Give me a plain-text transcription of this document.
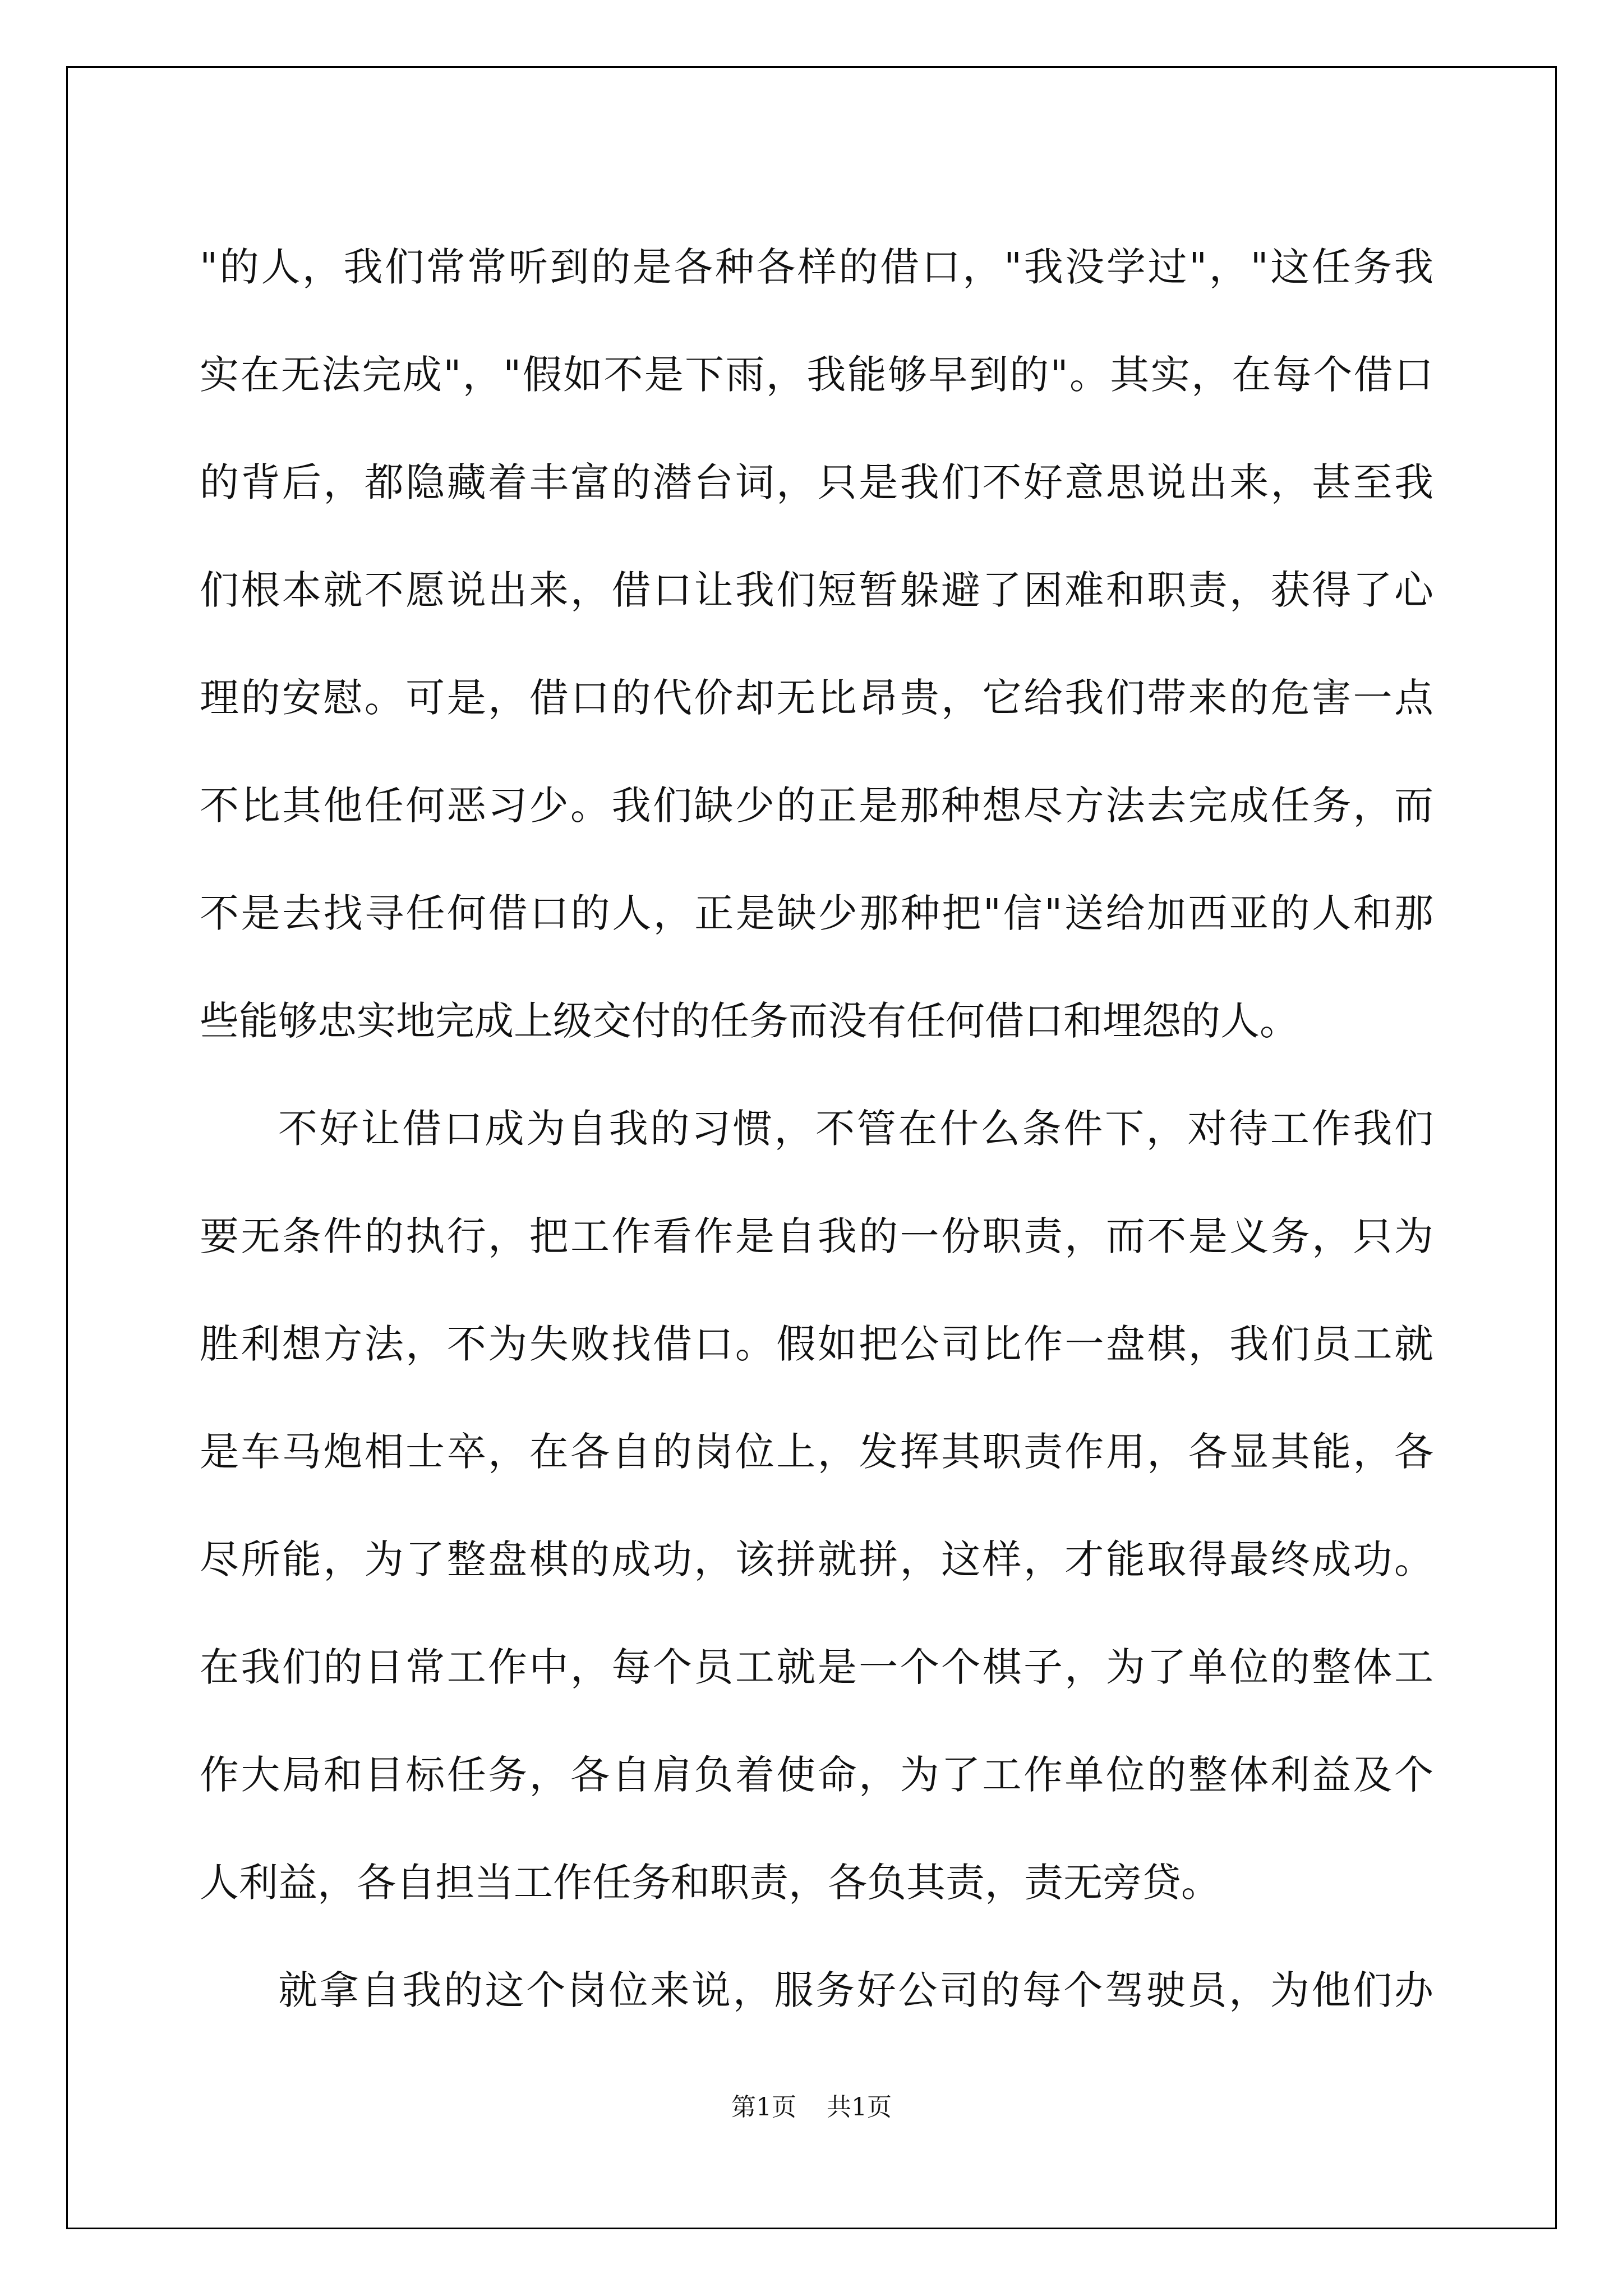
"的人，我们常常听到的是各种各样的借口，"我没学过"，"这任务我
实在无法完成"，"假如不是下雨，我能够早到的"。其实，在每个借口
的背后，都隐藏着丰富的潜台词，只是我们不好意思说出来，甚至我
们根本就不愿说出来，借口让我们短暂躲避了困难和职责，获得了心
理的安慰。可是，借口的代价却无比昂贵，它给我们带来的危害一点
不比其他任何恶习少。我们缺少的正是那种想尽方法去完成任务，而
不是去找寻任何借口的人，正是缺少那种把"信"送给加西亚的人和那
些能够忠实地完成上级交付的任务而没有任何借口和埋怨的人。
不好让借口成为自我的习惯，不管在什么条件下，对待工作我们
要无条件的执行，把工作看作是自我的一份职责，而不是义务，只为
胜利想方法，不为失败找借口。假如把公司比作一盘棋，我们员工就
是车马炮相士卒，在各自的岗位上，发挥其职责作用，各显其能，各
尽所能，为了整盘棋的成功，该拼就拼，这样，才能取得最终成功。
在我们的日常工作中，每个员工就是一个个棋子，为了单位的整体工
作大局和目标任务，各自肩负着使命，为了工作单位的整体利益及个
人利益，各自担当工作任务和职责，各负其责，责无旁贷。
就拿自我的这个岗位来说，服务好公司的每个驾驶员，为他们办
第1页 共1页
